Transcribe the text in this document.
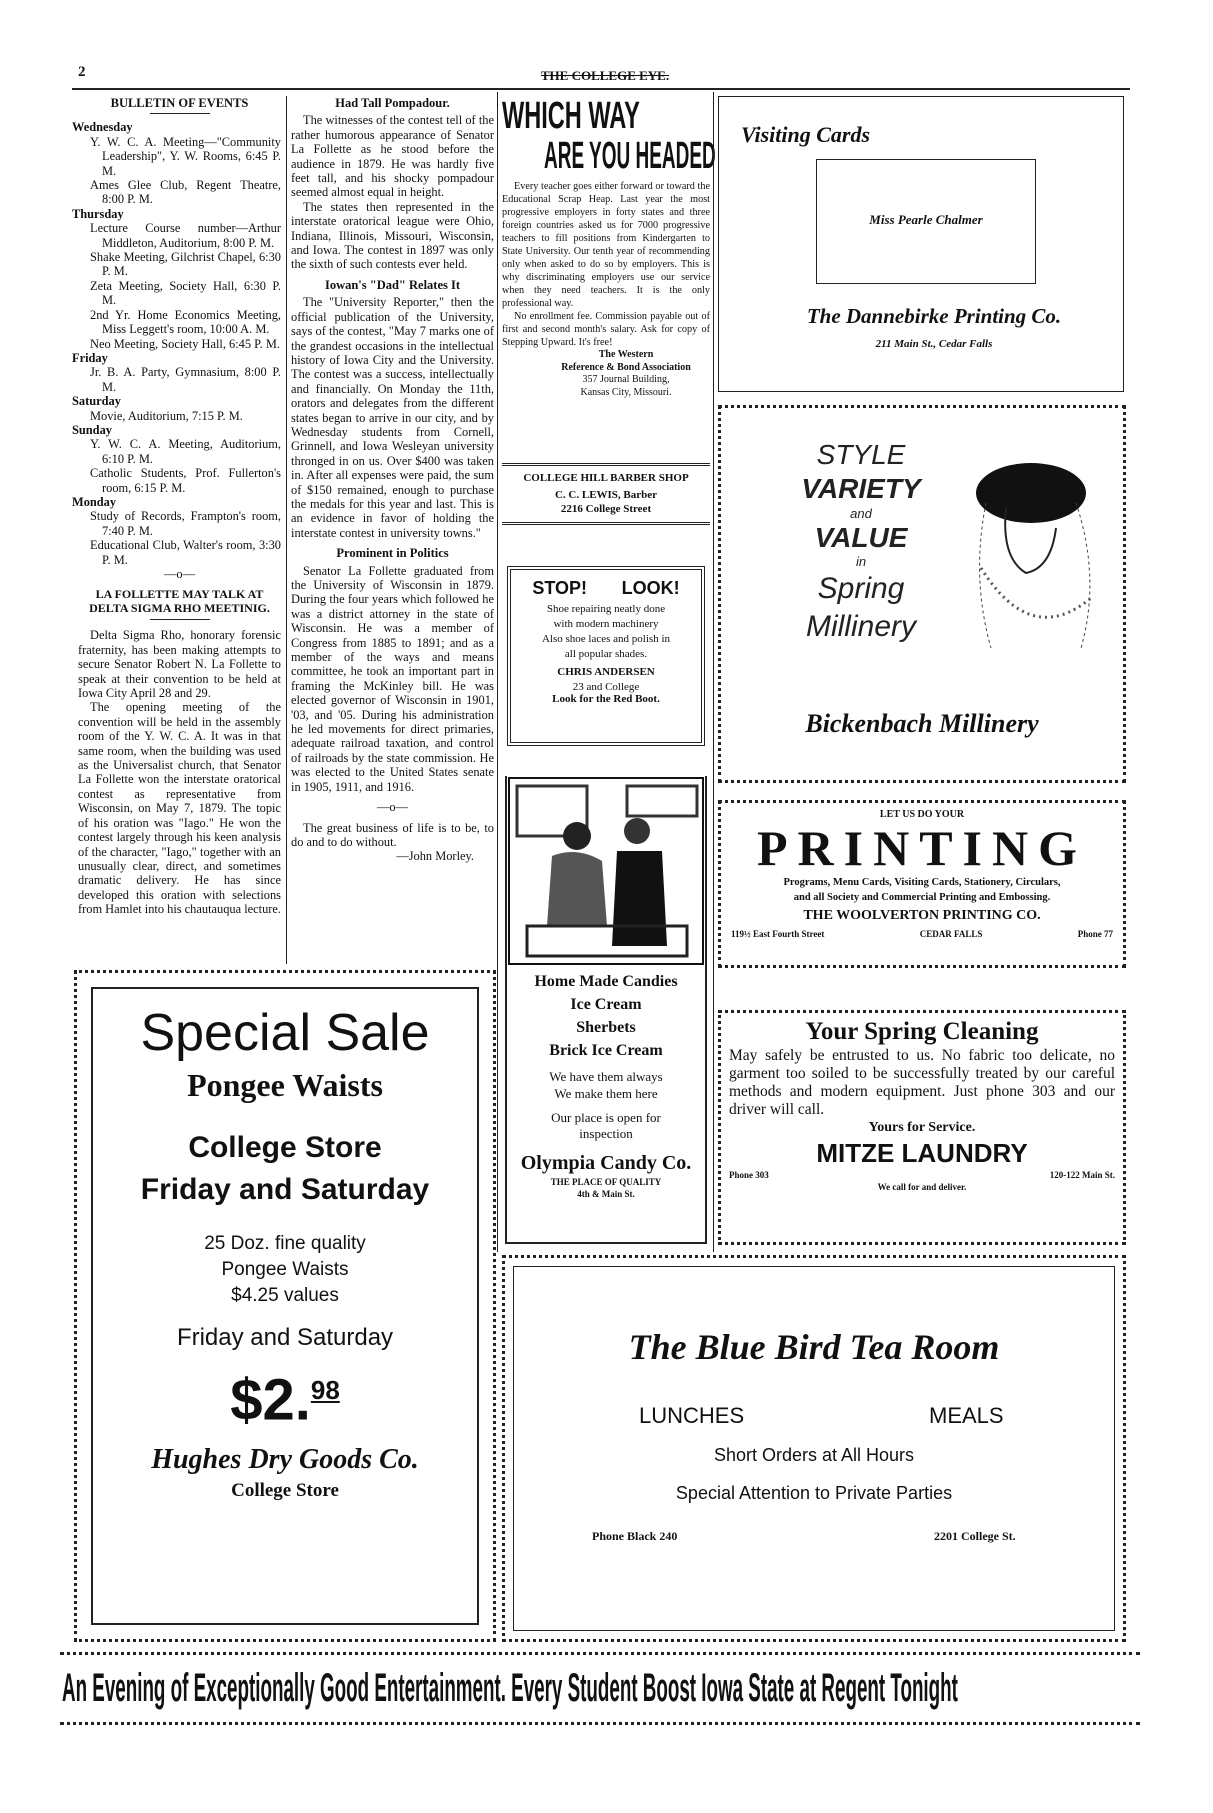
2	THE COLLEGE EYE.
BULLETIN OF EVENTS
Wednesday
Y. W. C. A. Meeting—"Community Leadership", Y. W. Rooms, 6:45 P. M.
Ames Glee Club, Regent Theatre, 8:00 P. M.
Thursday
Lecture Course number—Arthur Middleton, Auditorium, 8:00 P. M.
Shake Meeting, Gilchrist Chapel, 6:30 P. M.
Zeta Meeting, Society Hall, 6:30 P. M.
2nd Yr. Home Economics Meeting, Miss Leggett's room, 10:00 A. M.
Neo Meeting, Society Hall, 6:45 P. M.
Friday
Jr. B. A. Party, Gymnasium, 8:00 P. M.
Saturday
Movie, Auditorium, 7:15 P. M.
Sunday
Y. W. C. A. Meeting, Auditorium, 6:10 P. M.
Catholic Students, Prof. Fullerton's room, 6:15 P. M.
Monday
Study of Records, Frampton's room, 7:40 P. M.
Educational Club, Walter's room, 3:30 P. M.
—o—
LA FOLLETTE MAY TALK AT DELTA SIGMA RHO MEETINIG.

Delta Sigma Rho, honorary forensic fraternity, has been making attempts to secure Senator Robert N. La Follette to speak at their convention to be held at Iowa City April 28 and 29.

The opening meeting of the convention will be held in the assembly room of the Y. W. C. A. It was in that same room, when the building was used as the Universalist church, that Senator La Follette won the interstate oratorical contest as representative from Wisconsin, on May 7, 1879. The topic of his oration was "Iago." He won the contest largely through his keen analysis of the character, "Iago," together with an unusually clear, direct, and sometimes dramatic delivery. He has since developed this oration with selections from Hamlet into his chautauqua lecture.

Had Tall Pompadour.

The witnesses of the contest tell of the rather humorous appearance of Senator La Follette as he stood before the audience in 1879. He was hardly five feet tall, and his shocky pompadour seemed almost equal in height.

The states then represented in the interstate oratorical league were Ohio, Indiana, Illinois, Missouri, Wisconsin, and Iowa. The contest in 1897 was only the sixth of such contests ever held.

Iowan's "Dad" Relates It

The "University Reporter," then the official publication of the University, says of the contest, "May 7 marks one of the grandest occasions in the intellectual history of Iowa City and the University. The contest was a success, intellectually and financially. On Monday the 11th, orators and delegates from the different states began to arrive in our city, and by Wednesday students from Cornell, Grinnell, and Iowa Wesleyan university thronged in on us. Over $400 was taken in. After all expenses were paid, the sum of $150 remained, enough to purchase the medals for this year and last. This is an evidence in favor of holding the interstate contest in university towns."

Prominent in Politics

Senator La Follette graduated from the University of Wisconsin in 1879. During the four years which followed he was a district attorney in the state of Wisconsin. He was a member of Congress from 1885 to 1891; and as a member of the ways and means committee, he took an important part in framing the McKinley bill. He was elected governor of Wisconsin in 1901, '03, and '05. During his administration he led movements for direct primaries, adequate railroad taxation, and control of railroads by the state commission. He was elected to the United States senate in 1905, 1911, and 1916.

—o—

The great business of life is to be, to do and to do without.

—John Morley.
WHICH WAY
ARE YOU HEADED

Every teacher goes either forward or toward the Educational Scrap Heap. Last year the most progressive employers in forty states and three foreign countries asked us for 7000 progressive teachers to fill positions from Kindergarten to State University. Our tenth year of recommending only when asked to do so by employers. This is why discriminating employers use our service when they need teachers. It is the only professional way.

No enrollment fee. Commission payable out of first and second month's salary. Ask for copy of Stepping Upward. It's free!

The Western
Reference & Bond Association
357 Journal Building,
Kansas City, Missouri.
COLLEGE HILL BARBER SHOP
C. C. LEWIS, Barber
2216 College Street
STOP! LOOK!
Shoe repairing neatly done
with modern machinery
Also shoe laces and polish in
all popular shades.
CHRIS ANDERSEN
23 and College
Look for the Red Boot.
Home Made Candies
Ice Cream
Sherbets
Brick Ice Cream
We have them always
We make them here
Our place is open for inspection
Olympia Candy Co.
THE PLACE OF QUALITY
4th & Main St.
Visiting Cards
Miss Pearle Chalmer
The Dannebirke Printing Co.
211 Main St., Cedar Falls
STYLE
VARIETY
and
VALUE
in
Spring
Millinery
Bickenbach Millinery
LET US DO YOUR
PRINTING
Programs, Menu Cards, Visiting Cards, Stationery, Circulars,
and all Society and Commercial Printing and Embossing.
THE WOOLVERTON PRINTING CO.
119½ East Fourth Street	CEDAR FALLS	Phone 77
Your Spring Cleaning

May safely be entrusted to us. No fabric too delicate, no garment too soiled to be successfully treated by our careful methods and modern equipment. Just phone 303 and our driver will call.

Yours for Service.
MITZE LAUNDRY
Phone 303	120-122 Main St.
We call for and deliver.
Special Sale
Pongee Waists
College Store
Friday and Saturday
25 Doz. fine quality
Pongee Waists
$4.25 values
Friday and Saturday
$2.98
Hughes Dry Goods Co.
College Store
The Blue Bird Tea Room
LUNCHES	MEALS
Short Orders at All Hours
Special Attention to Private Parties
Phone Black 240	2201 College St.
An Evening of Exceptionally Good Entertainment. Every Student Boost Iowa State at Regent Tonight
